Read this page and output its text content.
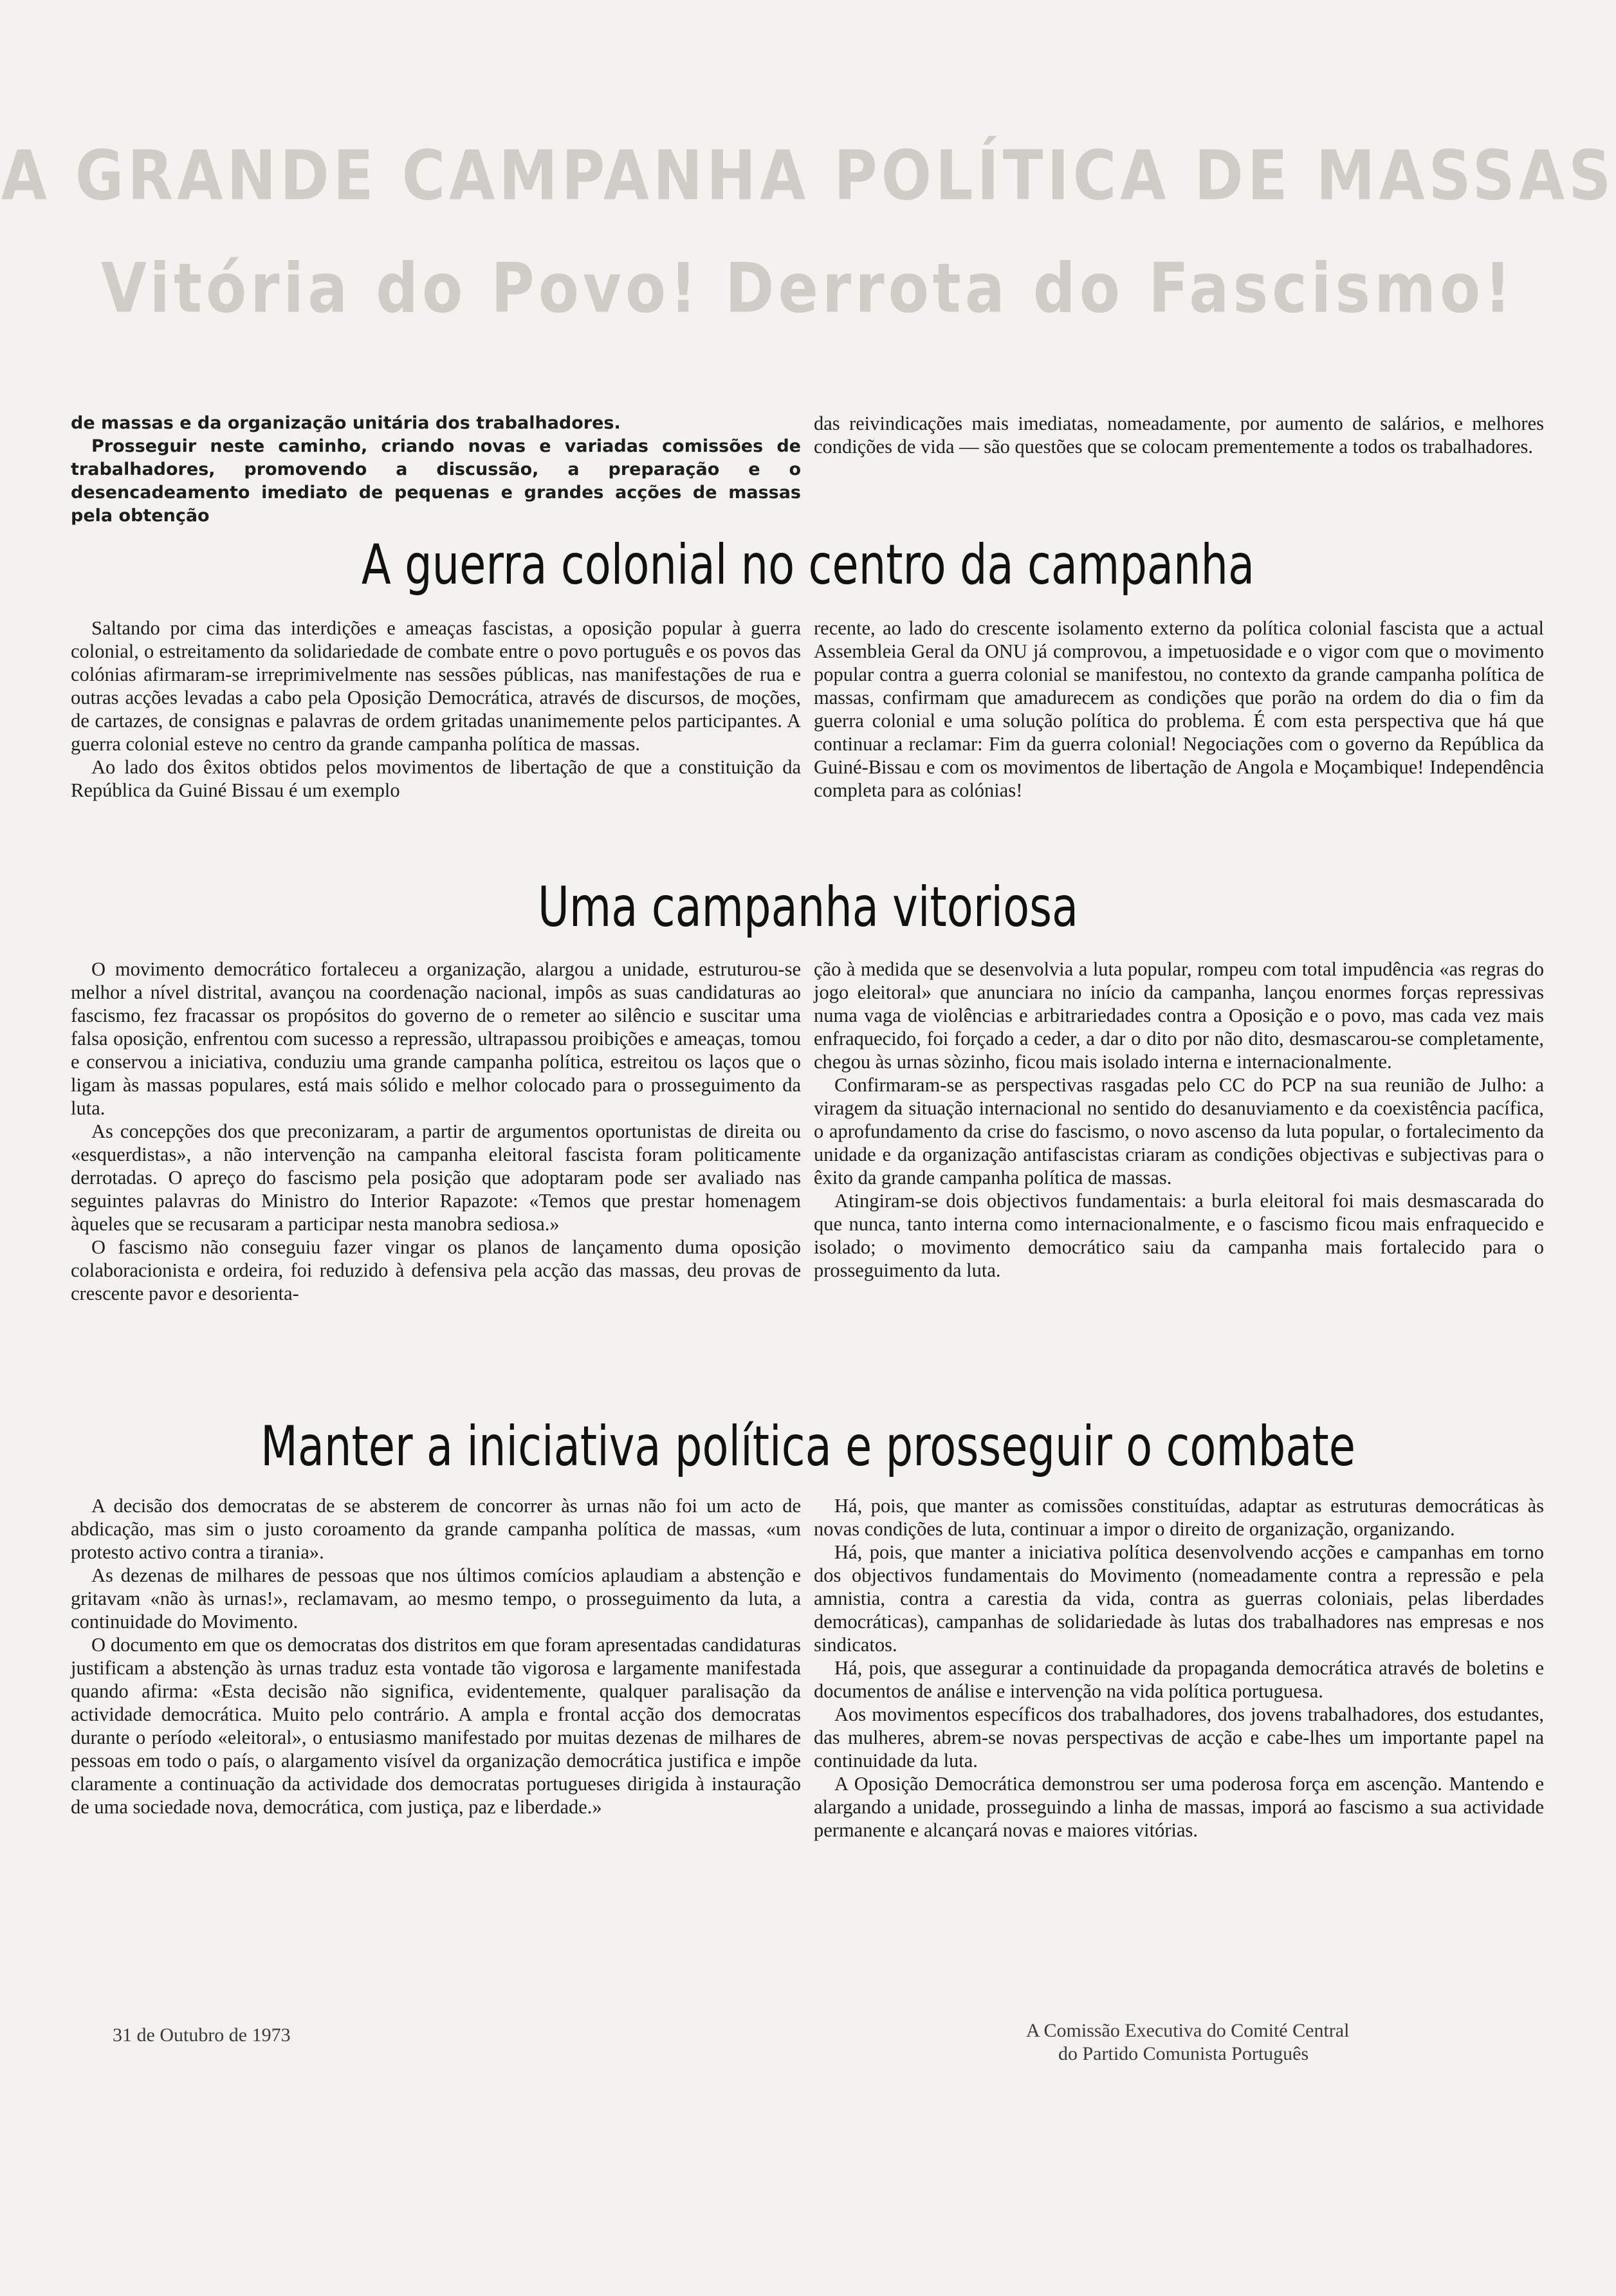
A GRANDE CAMPANHA POLÍTICA DE MASSAS
Vitória do Povo! Derrota do Fascismo!

de massas e da organização unitária dos trabalhadores.

Prosseguir neste caminho, criando novas e variadas comissões de trabalhadores, promovendo a discussão, a preparação e o desencadeamento imediato de pequenas e grandes acções de massas pela obtenção

das reivindicações mais imediatas, nomeadamente, por aumento de salários, e melhores condições de vida — são questões que se colocam prementemente a todos os trabalhadores.

A guerra colonial no centro da campanha

Saltando por cima das interdições e ameaças fascistas, a oposição popular à guerra colonial, o estreitamento da solidariedade de combate entre o povo português e os povos das colónias afirmaram-se irreprimivelmente nas sessões públicas, nas manifestações de rua e outras acções levadas a cabo pela Oposição Democrática, através de discursos, de moções, de cartazes, de consignas e palavras de ordem gritadas unanimemente pelos participantes. A guerra colonial esteve no centro da grande campanha política de massas.

Ao lado dos êxitos obtidos pelos movimentos de libertação de que a constituição da República da Guiné Bissau é um exemplo

recente, ao lado do crescente isolamento externo da política colonial fascista que a actual Assembleia Geral da ONU já comprovou, a impetuosidade e o vigor com que o movimento popular contra a guerra colonial se manifestou, no contexto da grande campanha política de massas, confirmam que amadurecem as condições que porão na ordem do dia o fim da guerra colonial e uma solução política do problema. É com esta perspectiva que há que continuar a reclamar: Fim da guerra colonial! Negociações com o governo da República da Guiné-Bissau e com os movimentos de libertação de Angola e Moçambique! Independência completa para as colónias!

Uma campanha vitoriosa

O movimento democrático fortaleceu a organização, alargou a unidade, estruturou-se melhor a nível distrital, avançou na coordenação nacional, impôs as suas candidaturas ao fascismo, fez fracassar os propósitos do governo de o remeter ao silêncio e suscitar uma falsa oposição, enfrentou com sucesso a repressão, ultrapassou proibições e ameaças, tomou e conservou a iniciativa, conduziu uma grande campanha política, estreitou os laços que o ligam às massas populares, está mais sólido e melhor colocado para o prosseguimento da luta.

As concepções dos que preconizaram, a partir de argumentos oportunistas de direita ou «esquerdistas», a não intervenção na campanha eleitoral fascista foram politicamente derrotadas. O apreço do fascismo pela posição que adoptaram pode ser avaliado nas seguintes palavras do Ministro do Interior Rapazote: «Temos que prestar homenagem àqueles que se recusaram a participar nesta manobra sediosa.»

O fascismo não conseguiu fazer vingar os planos de lançamento duma oposição colaboracionista e ordeira, foi reduzido à defensiva pela acção das massas, deu provas de crescente pavor e desorienta-

ção à medida que se desenvolvia a luta popular, rompeu com total impudência «as regras do jogo eleitoral» que anunciara no início da campanha, lançou enormes forças repressivas numa vaga de violências e arbitrariedades contra a Oposição e o povo, mas cada vez mais enfraquecido, foi forçado a ceder, a dar o dito por não dito, desmascarou-se completamente, chegou às urnas sòzinho, ficou mais isolado interna e internacionalmente.

Confirmaram-se as perspectivas rasgadas pelo CC do PCP na sua reunião de Julho: a viragem da situação internacional no sentido do desanuviamento e da coexistência pacífica, o aprofundamento da crise do fascismo, o novo ascenso da luta popular, o fortalecimento da unidade e da organização antifascistas criaram as condições objectivas e subjectivas para o êxito da grande campanha política de massas.

Atingiram-se dois objectivos fundamentais: a burla eleitoral foi mais desmascarada do que nunca, tanto interna como internacionalmente, e o fascismo ficou mais enfraquecido e isolado; o movimento democrático saiu da campanha mais fortalecido para o prosseguimento da luta.

Manter a iniciativa política e prosseguir o combate

A decisão dos democratas de se absterem de concorrer às urnas não foi um acto de abdicação, mas sim o justo coroamento da grande campanha política de massas, «um protesto activo contra a tirania».

As dezenas de milhares de pessoas que nos últimos comícios aplaudiam a abstenção e gritavam «não às urnas!», reclamavam, ao mesmo tempo, o prosseguimento da luta, a continuidade do Movimento.

O documento em que os democratas dos distritos em que foram apresentadas candidaturas justificam a abstenção às urnas traduz esta vontade tão vigorosa e largamente manifestada quando afirma: «Esta decisão não significa, evidentemente, qualquer paralisação da actividade democrática. Muito pelo contrário. A ampla e frontal acção dos democratas durante o período «eleitoral», o entusiasmo manifestado por muitas dezenas de milhares de pessoas em todo o país, o alargamento visível da organização democrática justifica e impõe claramente a continuação da actividade dos democratas portugueses dirigida à instauração de uma sociedade nova, democrática, com justiça, paz e liberdade.»

Há, pois, que manter as comissões constituídas, adaptar as estruturas democráticas às novas condições de luta, continuar a impor o direito de organização, organizando.

Há, pois, que manter a iniciativa política desenvolvendo acções e campanhas em torno dos objectivos fundamentais do Movimento (nomeadamente contra a repressão e pela amnistia, contra a carestia da vida, contra as guerras coloniais, pelas liberdades democráticas), campanhas de solidariedade às lutas dos trabalhadores nas empresas e nos sindicatos.

Há, pois, que assegurar a continuidade da propaganda democrática através de boletins e documentos de análise e intervenção na vida política portuguesa.

Aos movimentos específicos dos trabalhadores, dos jovens trabalhadores, dos estudantes, das mulheres, abrem-se novas perspectivas de acção e cabe-lhes um importante papel na continuidade da luta.

A Oposição Democrática demonstrou ser uma poderosa força em ascenção. Mantendo e alargando a unidade, prosseguindo a linha de massas, imporá ao fascismo a sua actividade permanente e alcançará novas e maiores vitórias.

31 de Outubro de 1973	A Comissão Executiva do Comité Central
do Partido Comunista Português
